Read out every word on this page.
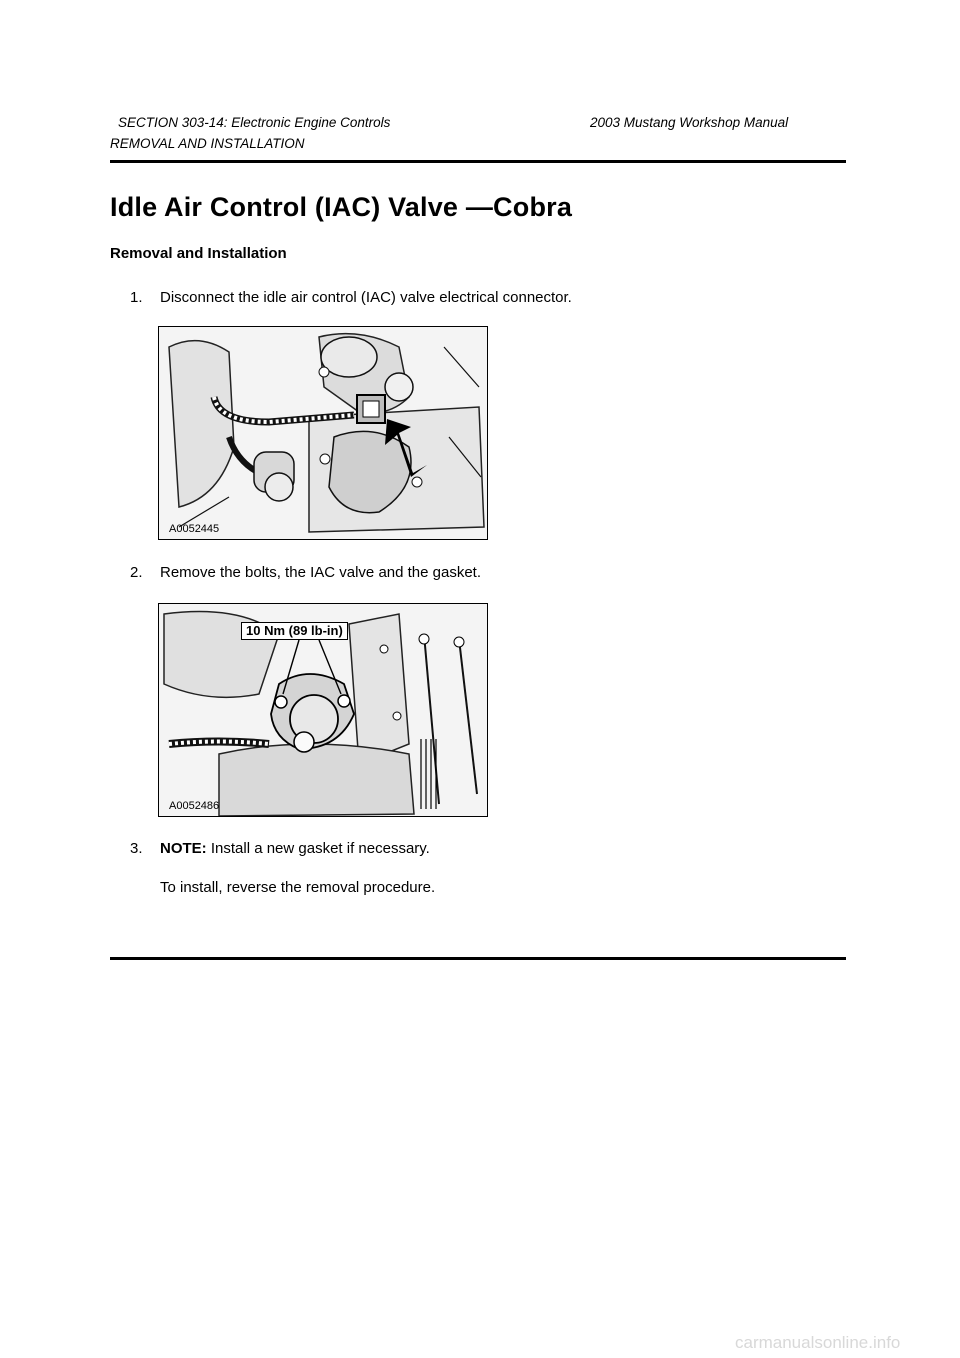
SECTION 303-14: Electronic Engine Controls	2003 Mustang Workshop Manual
REMOVAL AND INSTALLATION
Idle Air Control (IAC) Valve —Cobra
Removal and Installation
1. Disconnect the idle air control (IAC) valve electrical connector.
A0052445
2. Remove the bolts, the IAC valve and the gasket.
10 Nm (89 lb-in)
A0052486
3. NOTE: Install a new gasket if necessary.
To install, reverse the removal procedure.
carmanualsonline.info
